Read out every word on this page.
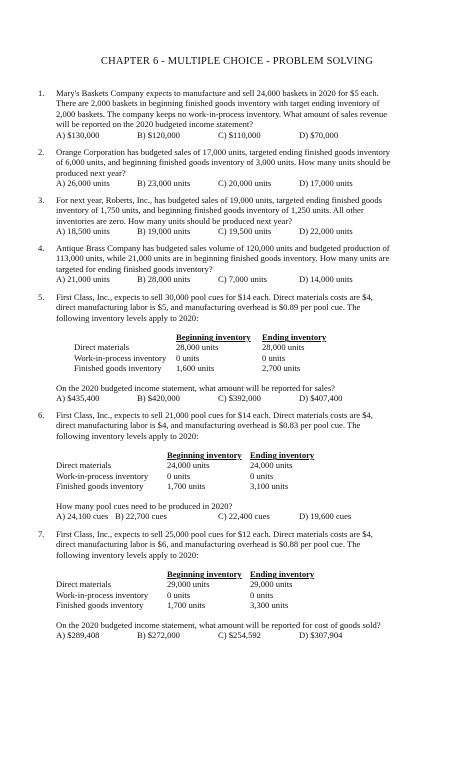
CHAPTER 6 - MULTIPLE CHOICE - PROBLEM SOLVING
1. Mary's Baskets Company expects to manufacture and sell 24,000 baskets in 2020 for $5 each.
There are 2,000 baskets in beginning finished goods inventory with target ending inventory of
2,000 baskets. The company keeps no work-in-process inventory. What amount of sales revenue
will be reported on the 2020 budgeted income statement?
A) $130,000	B) $120,000	C) $110,000	D) $70,000
2. Orange Corporation has budgeted sales of 17,000 units, targeted ending finished goods inventory
of 6,000 units, and beginning finished goods inventory of 3,000 units. How many units should be
produced next year?
A) 26,000 units	B) 23,000 units	C) 20,000 units	D) 17,000 units
3. For next year, Roberts, Inc., has budgeted sales of 19,000 units, targeted ending finished goods
inventory of 1,750 units, and beginning finished goods inventory of 1,250 units. All other
inventories are zero. How many units should be produced next year?
A) 18,500 units	B) 19,000 units	C) 19,500 units	D) 22,000 units
4. Antique Brass Company has budgeted sales volume of 120,000 units and budgeted production of
113,000 units, while 21,000 units are in beginning finished goods inventory. How many units are
targeted for ending finished goods inventory?
A) 21,000 units	B) 28,000 units	C) 7,000 units	D) 14,000 units
5. First Class, Inc., expects to sell 30,000 pool cues for $14 each. Direct materials costs are $4,
direct manufacturing labor is $5, and manufacturing overhead is $0.89 per pool cue. The
following inventory levels apply to 2020:
	Beginning inventory	Ending inventory
Direct materials	28,000 units	28,000 units
Work-in-process inventory	0 units	0 units
Finished goods inventory	1,600 units	2,700 units
On the 2020 budgeted income statement, what amount will be reported for sales?
A) $435,400	B) $420,000	C) $392,000	D) $407,400
6. First Class, Inc., expects to sell 21,000 pool cues for $14 each. Direct materials costs are $4,
direct manufacturing labor is $4, and manufacturing overhead is $0.83 per pool cue. The
following inventory levels apply to 2020:
	Beginning inventory	Ending inventory
Direct materials	24,000 units	24,000 units
Work-in-process inventory	0 units	0 units
Finished goods inventory	1,700 units	3,100 units
How many pool cues need to be produced in 2020?
A) 24,100 cues B) 22,700 cues	C) 22,400 cues	D) 19,600 cues
7. First Class, Inc., expects to sell 25,000 pool cues for $12 each. Direct materials costs are $4,
direct manufacturing labor is $6, and manufacturing overhead is $0.88 per pool cue. The
following inventory levels apply to 2020:
	Beginning inventory	Ending inventory
Direct materials	29,000 units	29,000 units
Work-in-process inventory	0 units	0 units
Finished goods inventory	1,700 units	3,300 units
On the 2020 budgeted income statement, what amount will be reported for cost of goods sold?
A) $289,408	B) $272,000	C) $254,592	D) $307,904
